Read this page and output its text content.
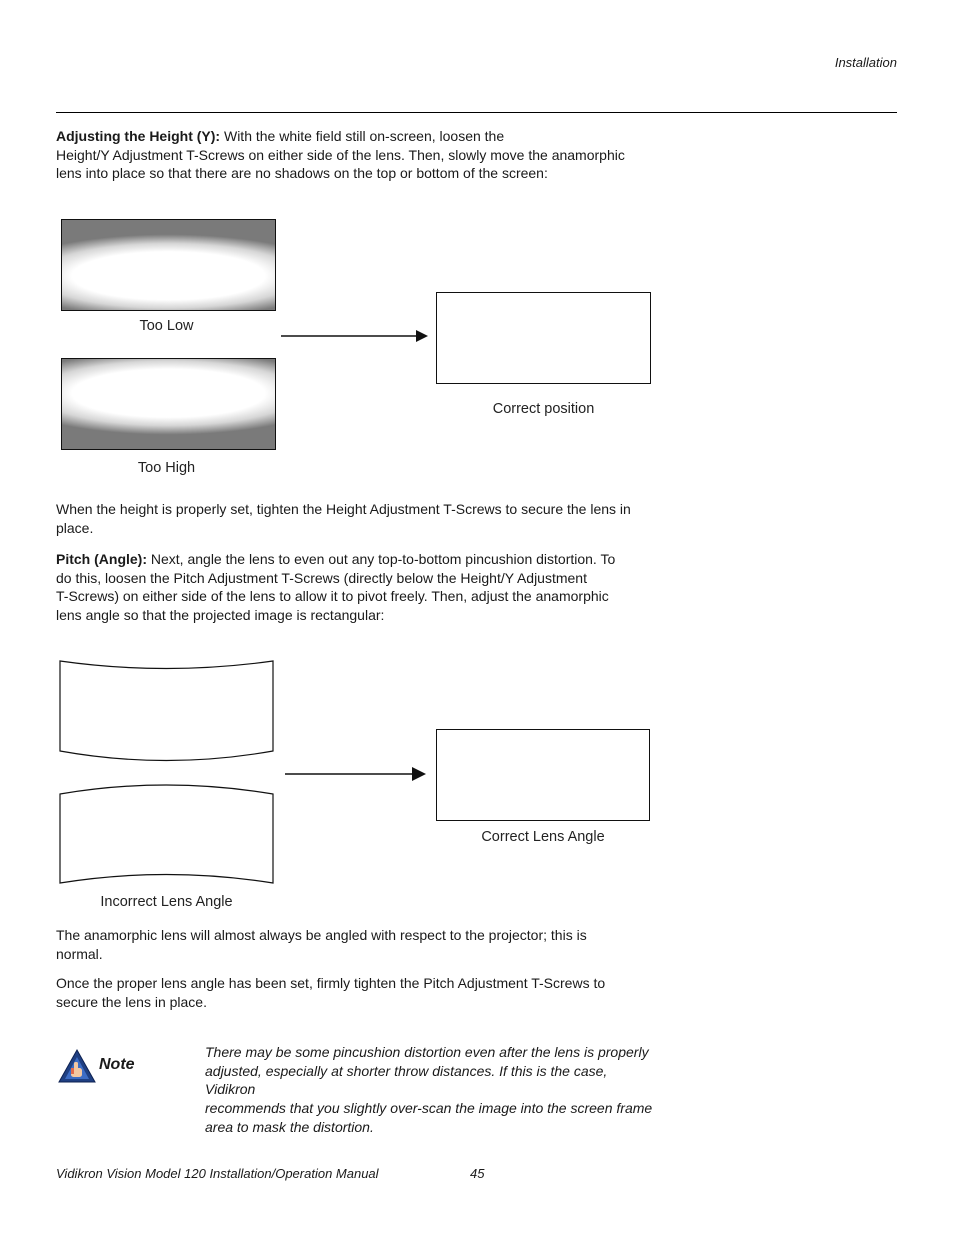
Installation
Adjusting the Height (Y): With the white field still on-screen, loosen the
Height/Y Adjustment T-Screws on either side of the lens. Then, slowly move the anamorphic
lens into place so that there are no shadows on the top or bottom of the screen:
Too Low
Too High
Correct position
When the height is properly set, tighten the Height Adjustment T-Screws to secure the lens in
place.
Pitch (Angle): Next, angle the lens to even out any top-to-bottom pincushion distortion. To
do this, loosen the Pitch Adjustment T-Screws (directly below the Height/Y Adjustment
T-Screws) on either side of the lens to allow it to pivot freely. Then, adjust the anamorphic
lens angle so that the projected image is rectangular:
Incorrect Lens Angle
Correct Lens Angle
The anamorphic lens will almost always be angled with respect to the projector; this is
normal.
Once the proper lens angle has been set, firmly tighten the Pitch Adjustment T-Screws to
secure the lens in place.
Note
There may be some pincushion distortion even after the lens is properly
adjusted, especially at shorter throw distances. If this is the case, Vidikron
recommends that you slightly over-scan the image into the screen frame
area to mask the distortion.
Vidikron Vision Model 120 Installation/Operation Manual	45
